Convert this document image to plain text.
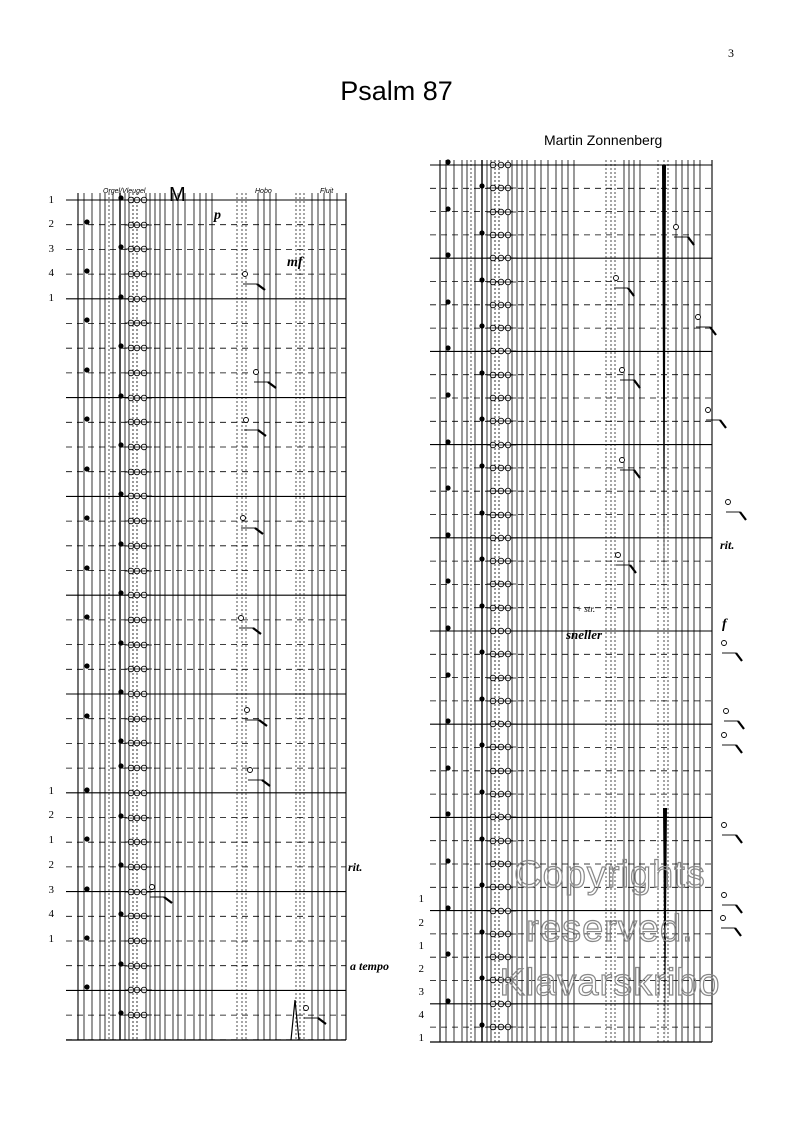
3
Psalm 87
Martin Zonnenberg
Orgel/Vleugel	Hobo	Fluit
M
p
mf
rit.
a tempo
rit.
+ str.
sneller
f
1
2
3
4
1
1
2
1
2
3
4
1
1
2
1
2
3
4
1
Copyrights
reserved.
Klavarskribo
